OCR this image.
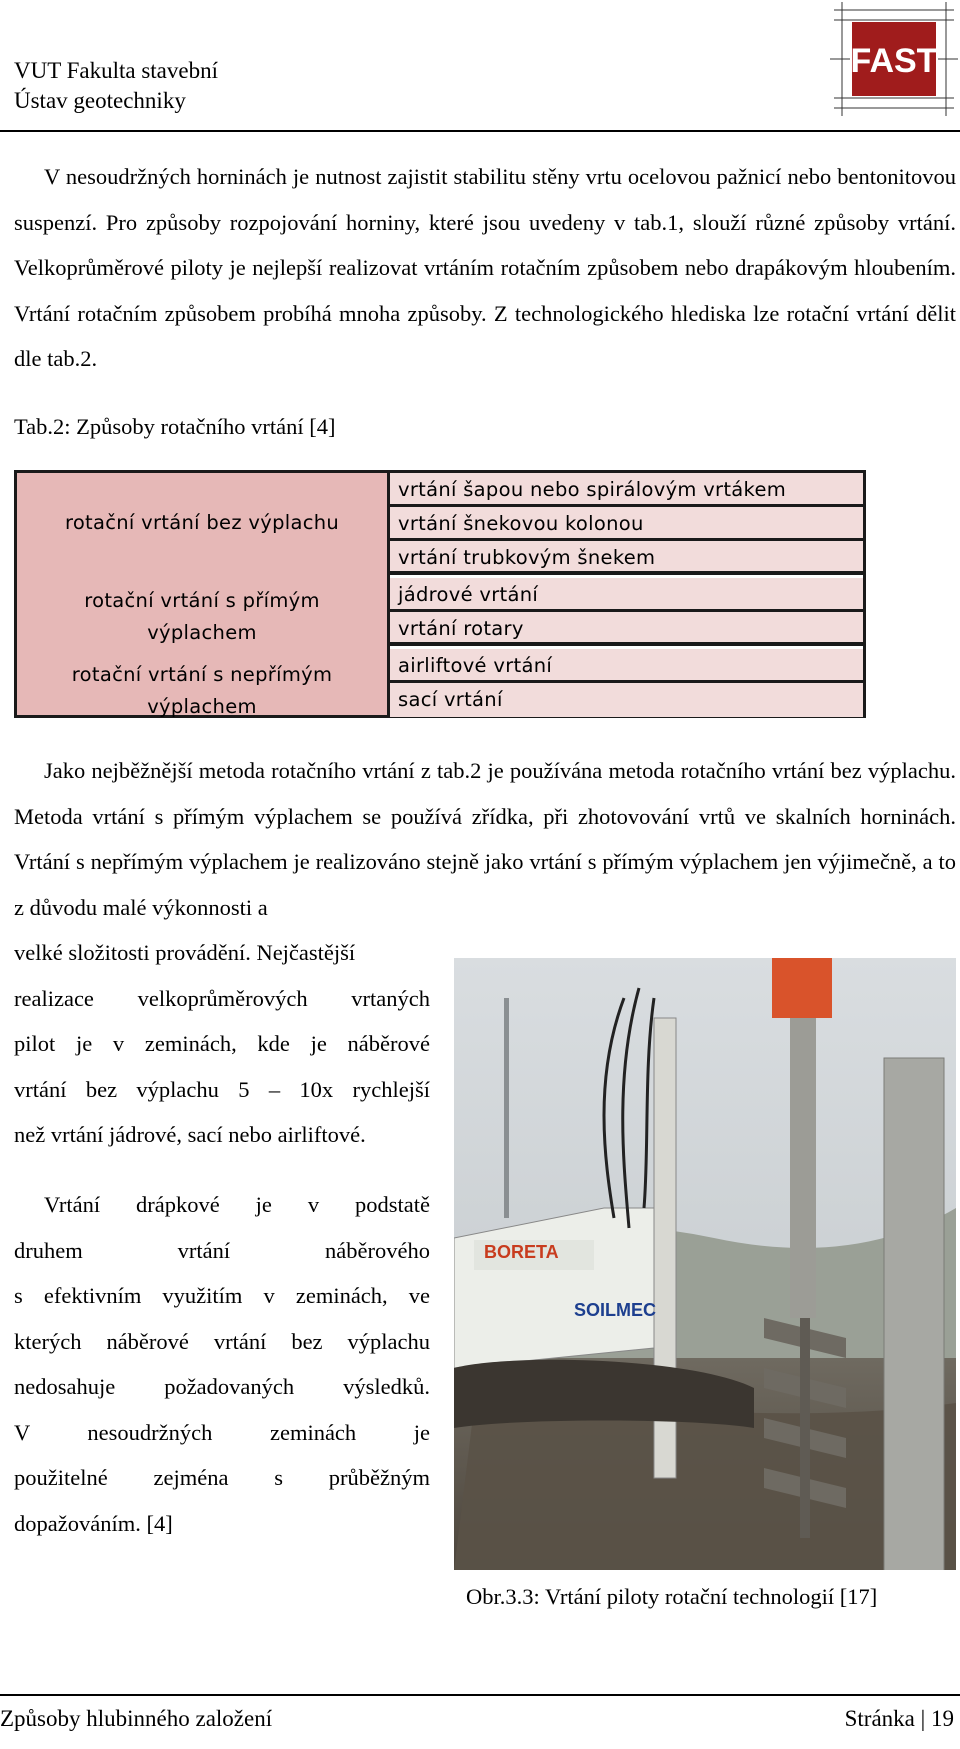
VUT Fakulta stavební
Ústav geotechniky
FAST

V nesoudržných horninách je nutnost zajistit stabilitu stěny vrtu ocelovou pažnicí nebo bentonitovou suspenzí. Pro způsoby rozpojování horniny, které jsou uvedeny v tab.1, slouží různé způsoby vrtání. Velkoprůměrové piloty je nejlepší realizovat vrtáním rotačním způsobem nebo drapákovým hloubením. Vrtání rotačním způsobem probíhá mnoha způsoby. Z technologického hlediska lze rotační vrtání dělit dle tab.2.

Tab.2: Způsoby rotačního vrtání [4]
rotační vrtání bez výplachu
rotační vrtání s přímým výplachem
rotační vrtání s nepřímým výplachem
vrtání šapou nebo spirálovým vrtákem
vrtání šnekovou kolonou
vrtání trubkovým šnekem
jádrové vrtání
vrtání rotary
airliftové vrtání
sací vrtání

Jako nejběžnější metoda rotačního vrtání z tab.2 je používána metoda rotačního vrtání bez výplachu. Metoda vrtání s přímým výplachem se používá zřídka, při zhotovování vrtů ve skalních horninách. Vrtání s nepřímým výplachem je realizováno stejně jako vrtání s přímým výplachem jen výjimečně, a to z důvodu malé výkonnosti a

velké složitosti provádění. Nejčastější
realizace velkoprůměrových vrtaných
pilot je v zeminách, kde je náběrové
vrtání bez výplachu 5 – 10x rychlejší
než vrtání jádrové, sací nebo airliftové.
Vrtání drápkové je v podstatě
druhem vrtání náběrového
s efektivním využitím v zeminách, ve
kterých náběrové vrtání bez výplachu
nedosahuje požadovaných výsledků.
V nesoudržných zeminách je
použitelné zejména s průběžným
dopažováním. [4]
BORETA
SOILMEC
Obr.3.3: Vrtání piloty rotační technologií [17]
Způsoby hlubinného založení	Stránka | 19
